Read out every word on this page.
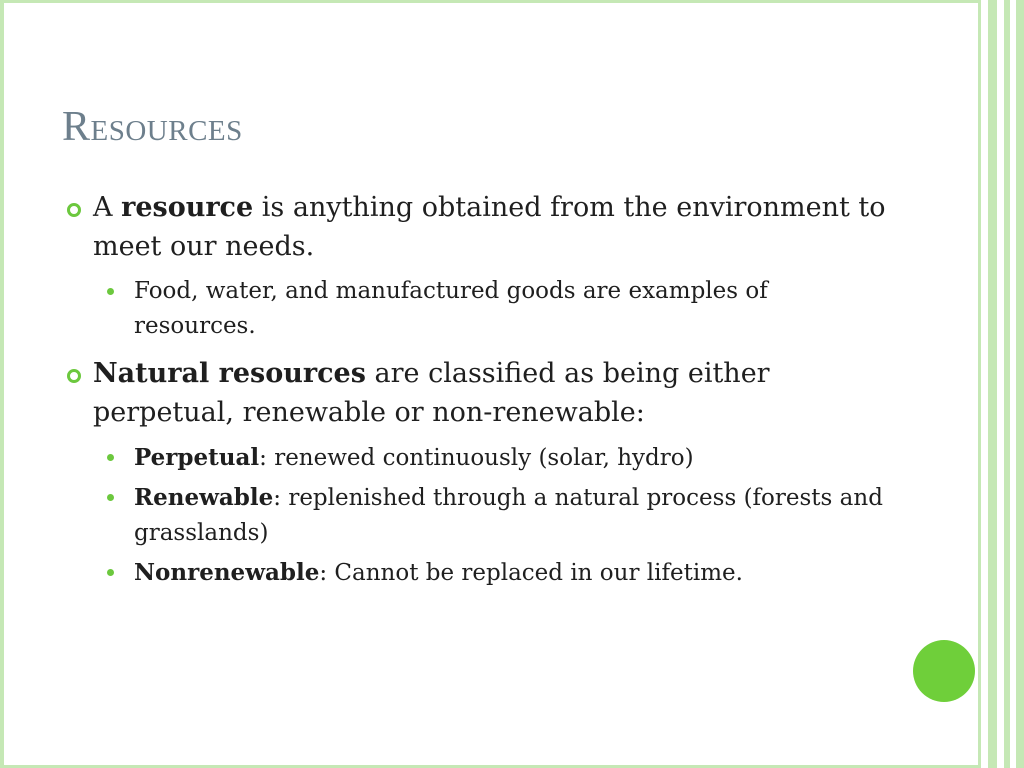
Resources
A resource is anything obtained from the environment to meet our needs.
Food, water, and manufactured goods are examples of resources.
Natural resources are classified as being either perpetual, renewable or non-renewable:
Perpetual: renewed continuously (solar, hydro)
Renewable: replenished through a natural process (forests and grasslands)
Nonrenewable: Cannot be replaced in our lifetime.
